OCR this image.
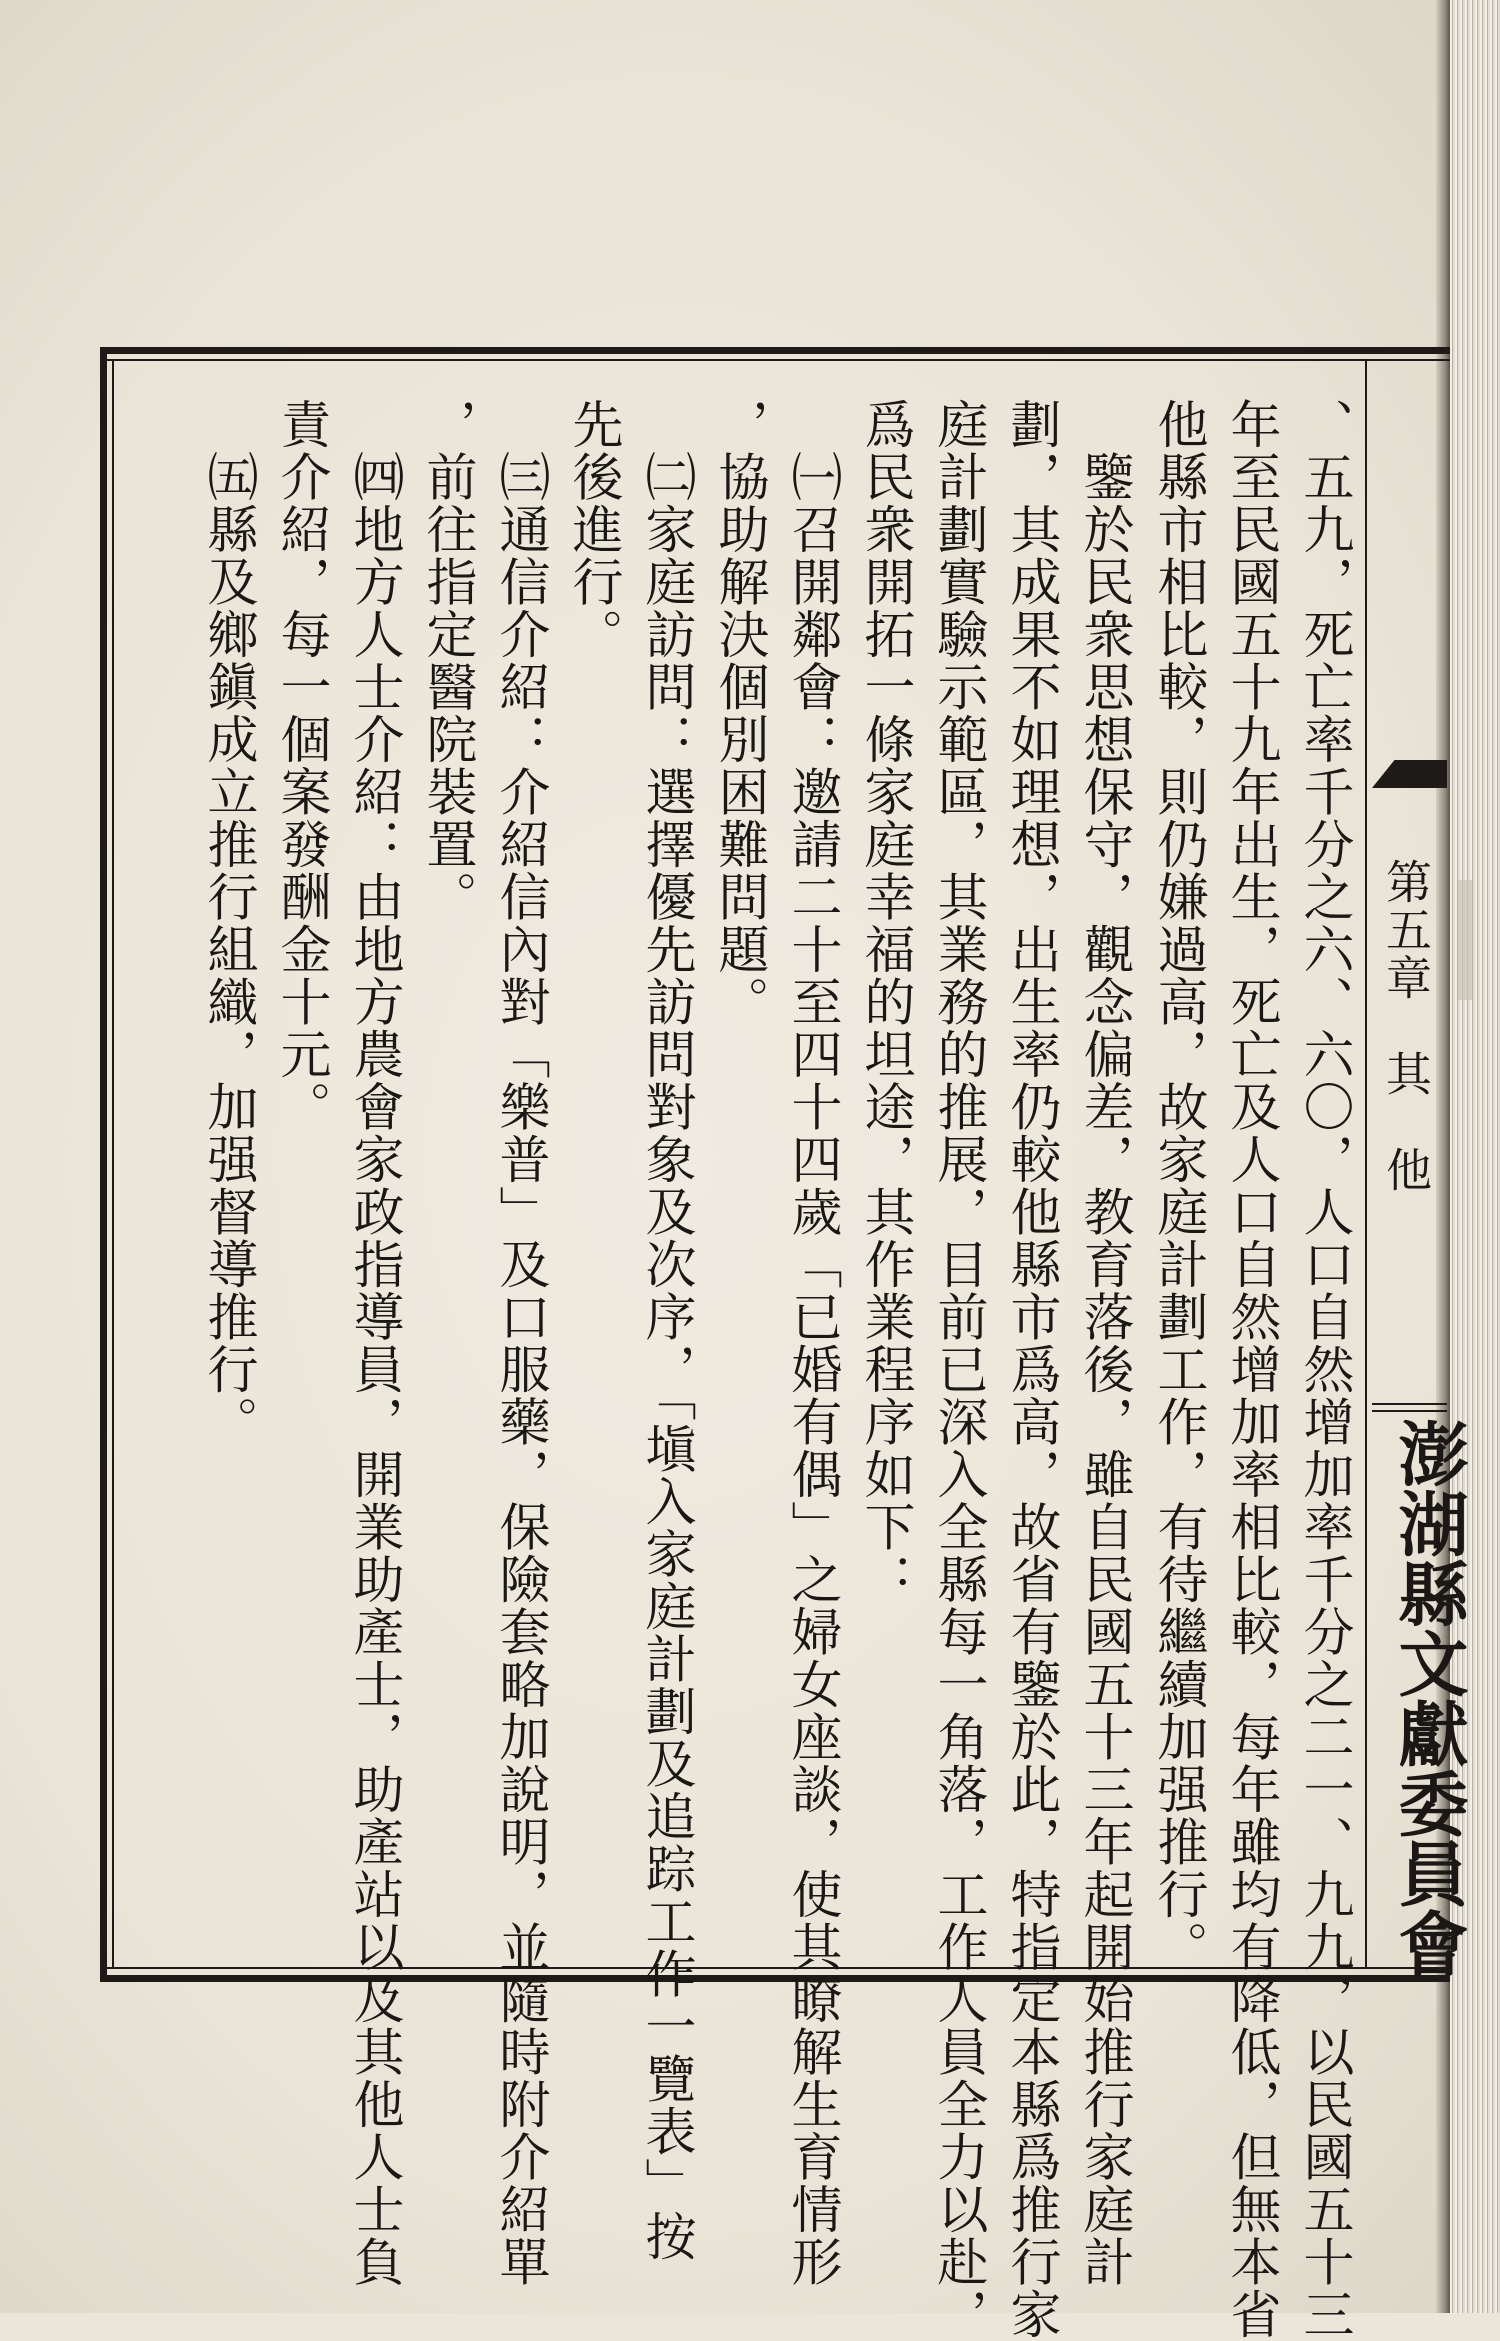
第五章　其　他
澎湖縣文獻委員會
、五九，死亡率千分之六、六〇，人口自然增加率千分之二一、九九，以民國五十三
年至民國五十九年出生，死亡及人口自然增加率相比較，每年雖均有降低，但無本省
他縣市相比較，則仍嫌過高，故家庭計劃工作，有待繼續加强推行。
　鑒於民衆思想保守，觀念偏差，教育落後，雖自民國五十三年起開始推行家庭計
劃，其成果不如理想，出生率仍較他縣市爲高，故省有鑒於此，特指定本縣爲推行家
庭計劃實驗示範區，其業務的推展，目前已深入全縣每一角落，工作人員全力以赴，
爲民衆開拓一條家庭幸福的坦途，其作業程序如下：
　㈠召開鄰會：邀請二十至四十四歲「已婚有偶」之婦女座談，使其瞭解生育情形
，協助解決個別困難問題。
　㈡家庭訪問：選擇優先訪問對象及次序，「塡入家庭計劃及追踪工作一覽表」按
先後進行。
　㈢通信介紹：介紹信內對「樂普」及口服藥，保險套略加說明，並隨時附介紹單
，前往指定醫院裝置。
　㈣地方人士介紹：由地方農會家政指導員，開業助產士，助產站以及其他人士負
責介紹，每一個案發酬金十元。
　㈤縣及鄉鎭成立推行組織，加强督導推行。
